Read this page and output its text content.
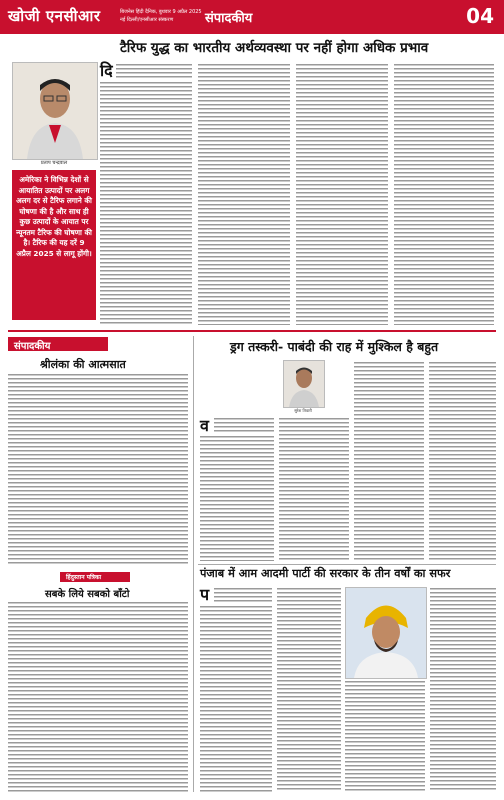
खोजी एनसीआर	बिजनेस हिंदी दैनिक, बुधवार 9 अप्रैल 2025
नई दिल्ली/एनसीआर संस्करण संपादकीय	04
टैरिफ युद्ध का भारतीय अर्थव्यवस्था पर नहीं होगा अधिक प्रभाव
प्रताप चन्द्रवाल
अमेरिका ने विभिन्न देशों से आयातित उत्पादों पर अलग अलग दर से टैरिफ लगाने की घोषणा की है और साथ ही कुछ उत्पादों के आयात पर न्यूनतम टैरिफ की घोषणा की है। टैरिफ की यह दरें 9 अप्रैल 2025 से लागू होंगी।
दि
संपादकीय
श्रीलंका की आत्मसात
हिंदुस्तान पत्रिका
सबके लिये सबको बाँटो
ड्रग तस्करी- पाबंदी की राह में मुश्किल है बहुत
सुरेश तिवारी
व
पंजाब में आम आदमी पार्टी की सरकार के तीन वर्षों का सफर
प
